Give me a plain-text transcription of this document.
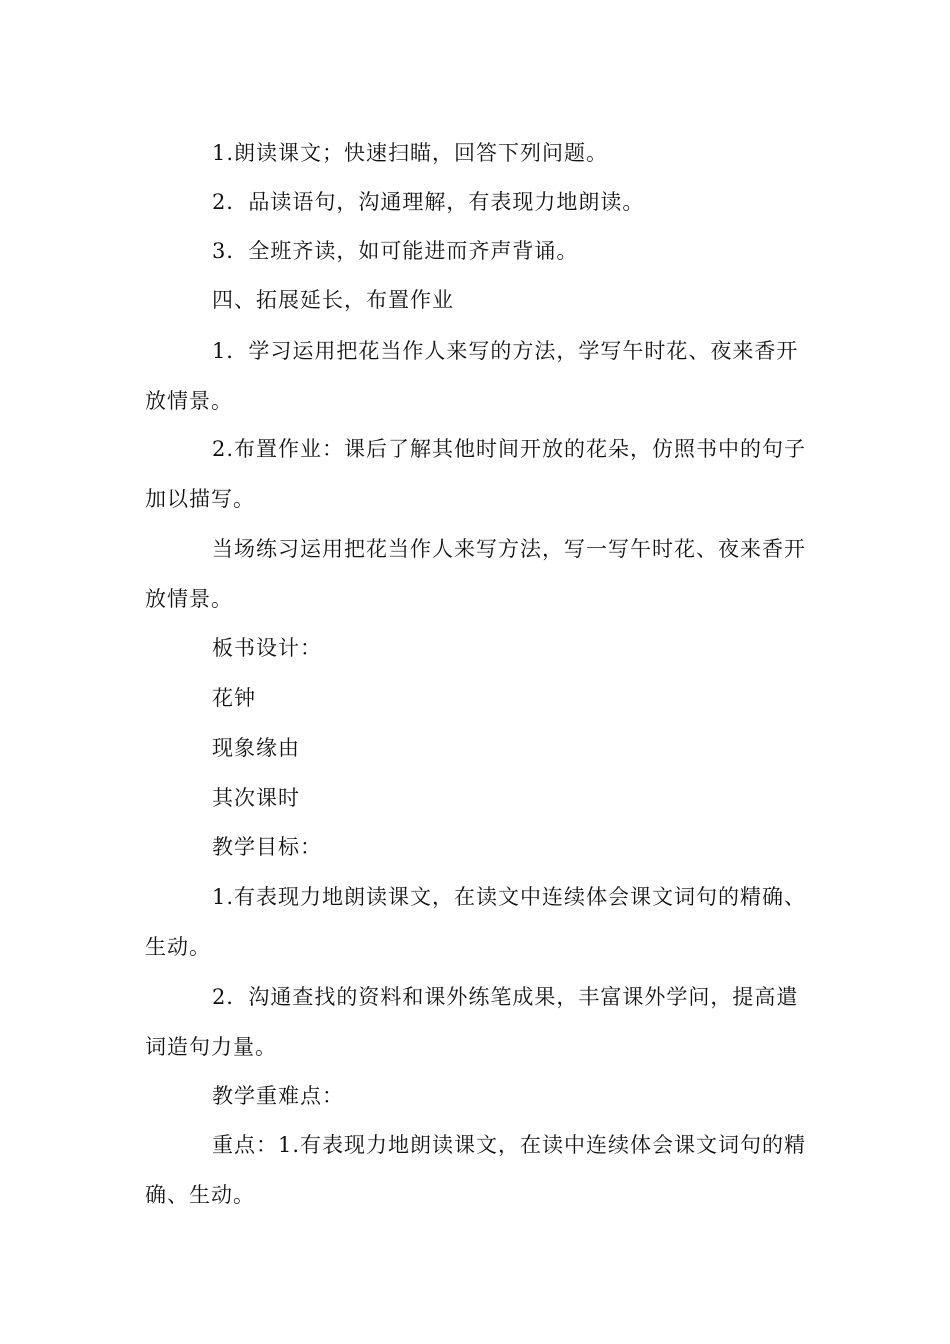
1.朗读课文；快速扫瞄，回答下列问题。

2．品读语句，沟通理解，有表现力地朗读。

3．全班齐读，如可能进而齐声背诵。

四、拓展延长，布置作业

1．学习运用把花当作人来写的方法，学写午时花、夜来香开放情景。

2.布置作业：课后了解其他时间开放的花朵，仿照书中的句子加以描写。

当场练习运用把花当作人来写方法，写一写午时花、夜来香开放情景。

板书设计：

花钟

现象缘由

其次课时

教学目标：

1.有表现力地朗读课文，在读文中连续体会课文词句的精确、生动。

2．沟通查找的资料和课外练笔成果，丰富课外学问，提高遣词造句力量。

教学重难点：

重点：1.有表现力地朗读课文，在读中连续体会课文词句的精确、生动。
